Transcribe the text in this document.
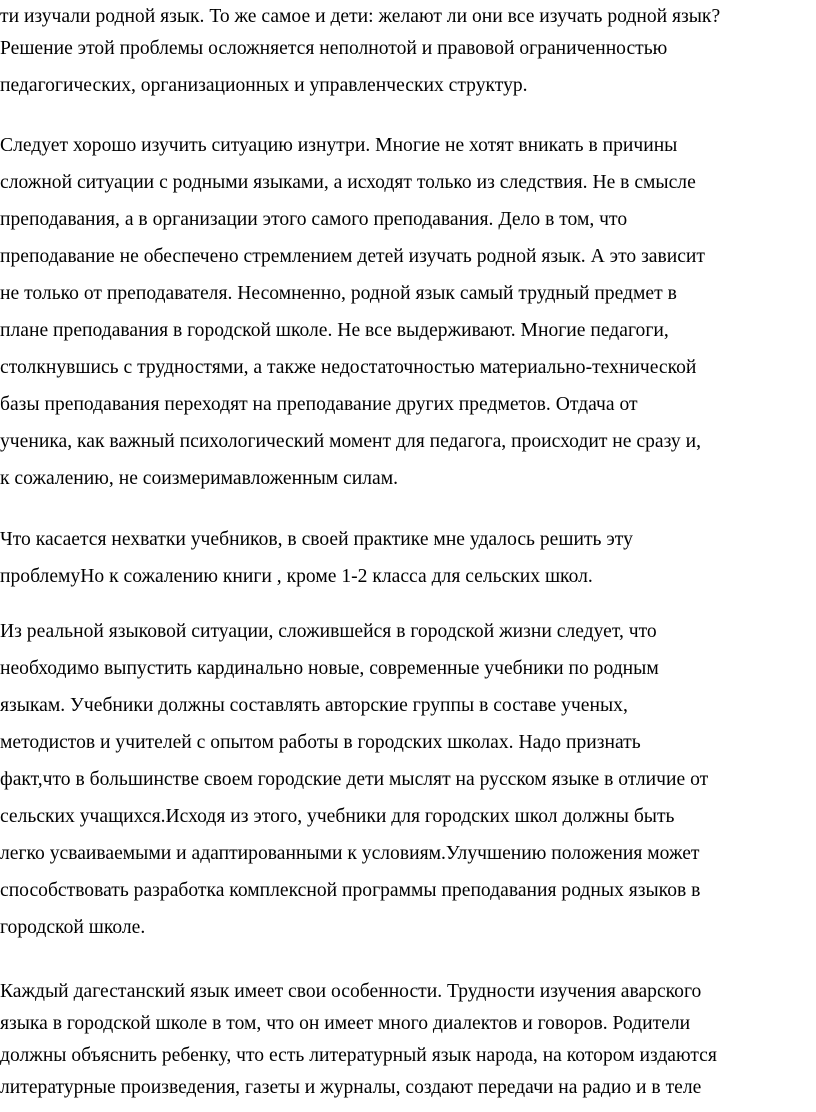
ти изучали родной язык. То же самое и дети: желают ли они все изучать родной язык?
Решение этой проблемы осложняется неполнотой и правовой ограниченностью
педагогических, организационных и управленческих структур.

Следует хорошо изучить ситуацию изнутри. Многие не хотят вникать в причины
сложной ситуации с родными языками, а исходят только из следствия. Не в смысле
преподавания, а в организации этого самого преподавания. Дело в том, что
преподавание не обеспечено стремлением детей изучать родной язык. А это зависит
не только от преподавателя. Несомненно, родной язык самый трудный предмет в
плане преподавания в городской школе. Не все выдерживают. Многие педагоги,
столкнувшись с трудностями, а также недостаточностью материально-технической
базы преподавания переходят на преподавание других предметов. Отдача от
ученика, как важный психологический момент для педагога, происходит не сразу и,
к сожалению, не соизмеримавложенным силам.

Что касается нехватки учебников, в своей практике мне удалось решить эту
проблемуНо к сожалению книги , кроме 1-2 класса для сельских школ.

Из реальной языковой ситуации, сложившейся в городской жизни следует, что
необходимо выпустить кардинально новые, современные учебники по родным
языкам. Учебники должны составлять авторские группы в составе ученых,
методистов и учителей с опытом работы в городских школах. Надо признать
факт,что в большинстве своем городские дети мыслят на русском языке в отличие от
сельских учащихся.Исходя из этого, учебники для городских школ должны быть
легко усваиваемыми и адаптированными к условиям.Улучшению положения может
способствовать разработка комплексной программы преподавания родных языков в
городской школе.

Каждый дагестанский язык имеет свои особенности. Трудности изучения аварского
языка в городской школе в том, что он имеет много диалектов и говоров. Родители
должны объяснить ребенку, что есть литературный язык народа, на котором издаются
литературные произведения, газеты и журналы, создают передачи на радио и в теле
